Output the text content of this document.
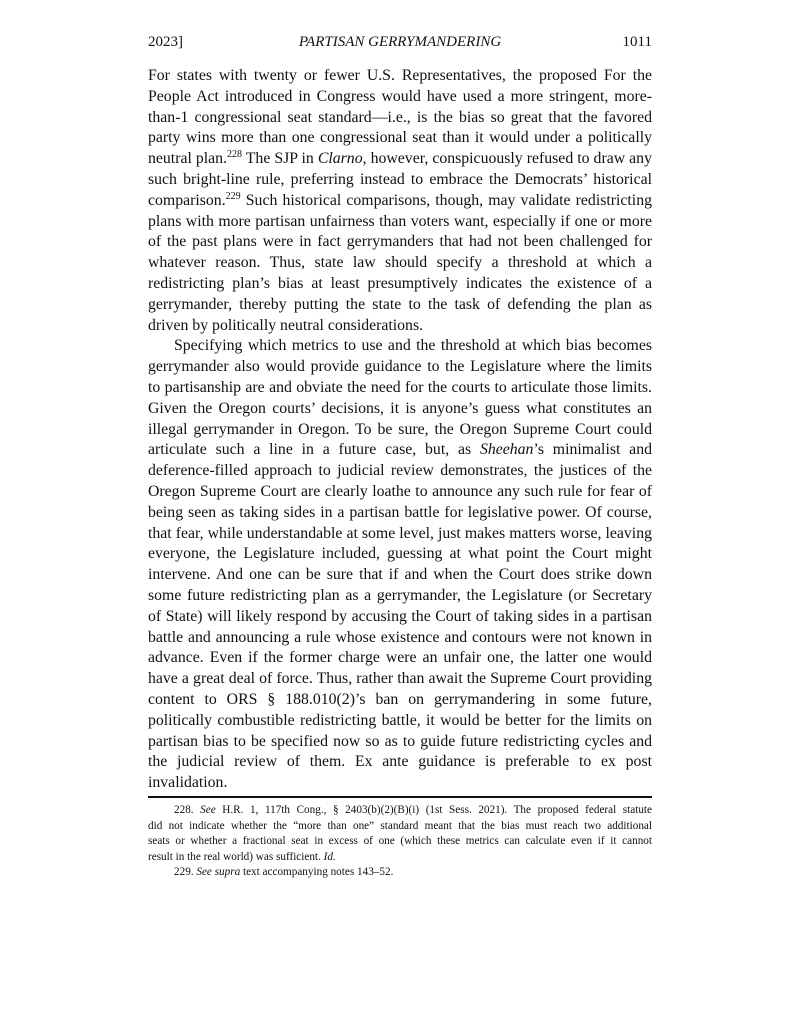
2023]	PARTISAN GERRYMANDERING	1011
For states with twenty or fewer U.S. Representatives, the proposed For the
People Act introduced in Congress would have used a more stringent, more-
than-1 congressional seat standard—i.e., is the bias so great that the favored
party wins more than one congressional seat than it would under a politically
neutral plan.$^{228}$ The SJP in Clarno, however, conspicuously refused to draw any
such bright-line rule, preferring instead to embrace the Democrats’ historical
comparison.$^{229}$ Such historical comparisons, though, may validate redistricting
plans with more partisan unfairness than voters want, especially if one or more
of the past plans were in fact gerrymanders that had not been challenged for
whatever reason. Thus, state law should specify a threshold at which a
redistricting plan’s bias at least presumptively indicates the existence of a
gerrymander, thereby putting the state to the task of defending the plan as
driven by politically neutral considerations.
Specifying which metrics to use and the threshold at which bias becomes
gerrymander also would provide guidance to the Legislature where the limits
to partisanship are and obviate the need for the courts to articulate those limits.
Given the Oregon courts’ decisions, it is anyone’s guess what constitutes an
illegal gerrymander in Oregon. To be sure, the Oregon Supreme Court could
articulate such a line in a future case, but, as Sheehan’s minimalist and
deference-filled approach to judicial review demonstrates, the justices of the
Oregon Supreme Court are clearly loathe to announce any such rule for fear of
being seen as taking sides in a partisan battle for legislative power. Of course,
that fear, while understandable at some level, just makes matters worse, leaving
everyone, the Legislature included, guessing at what point the Court might
intervene. And one can be sure that if and when the Court does strike down
some future redistricting plan as a gerrymander, the Legislature (or Secretary
of State) will likely respond by accusing the Court of taking sides in a partisan
battle and announcing a rule whose existence and contours were not known in
advance. Even if the former charge were an unfair one, the latter one would
have a great deal of force. Thus, rather than await the Supreme Court providing
content to ORS § 188.010(2)’s ban on gerrymandering in some future,
politically combustible redistricting battle, it would be better for the limits on
partisan bias to be specified now so as to guide future redistricting cycles and
the judicial review of them. Ex ante guidance is preferable to ex post
invalidation.
228. See H.R. 1, 117th Cong., § 2403(b)(2)(B)(i) (1st Sess. 2021). The proposed federal statute
did not indicate whether the “more than one” standard meant that the bias must reach two additional
seats or whether a fractional seat in excess of one (which these metrics can calculate even if it cannot
result in the real world) was sufficient. Id.
229. See supra text accompanying notes 143–52.
